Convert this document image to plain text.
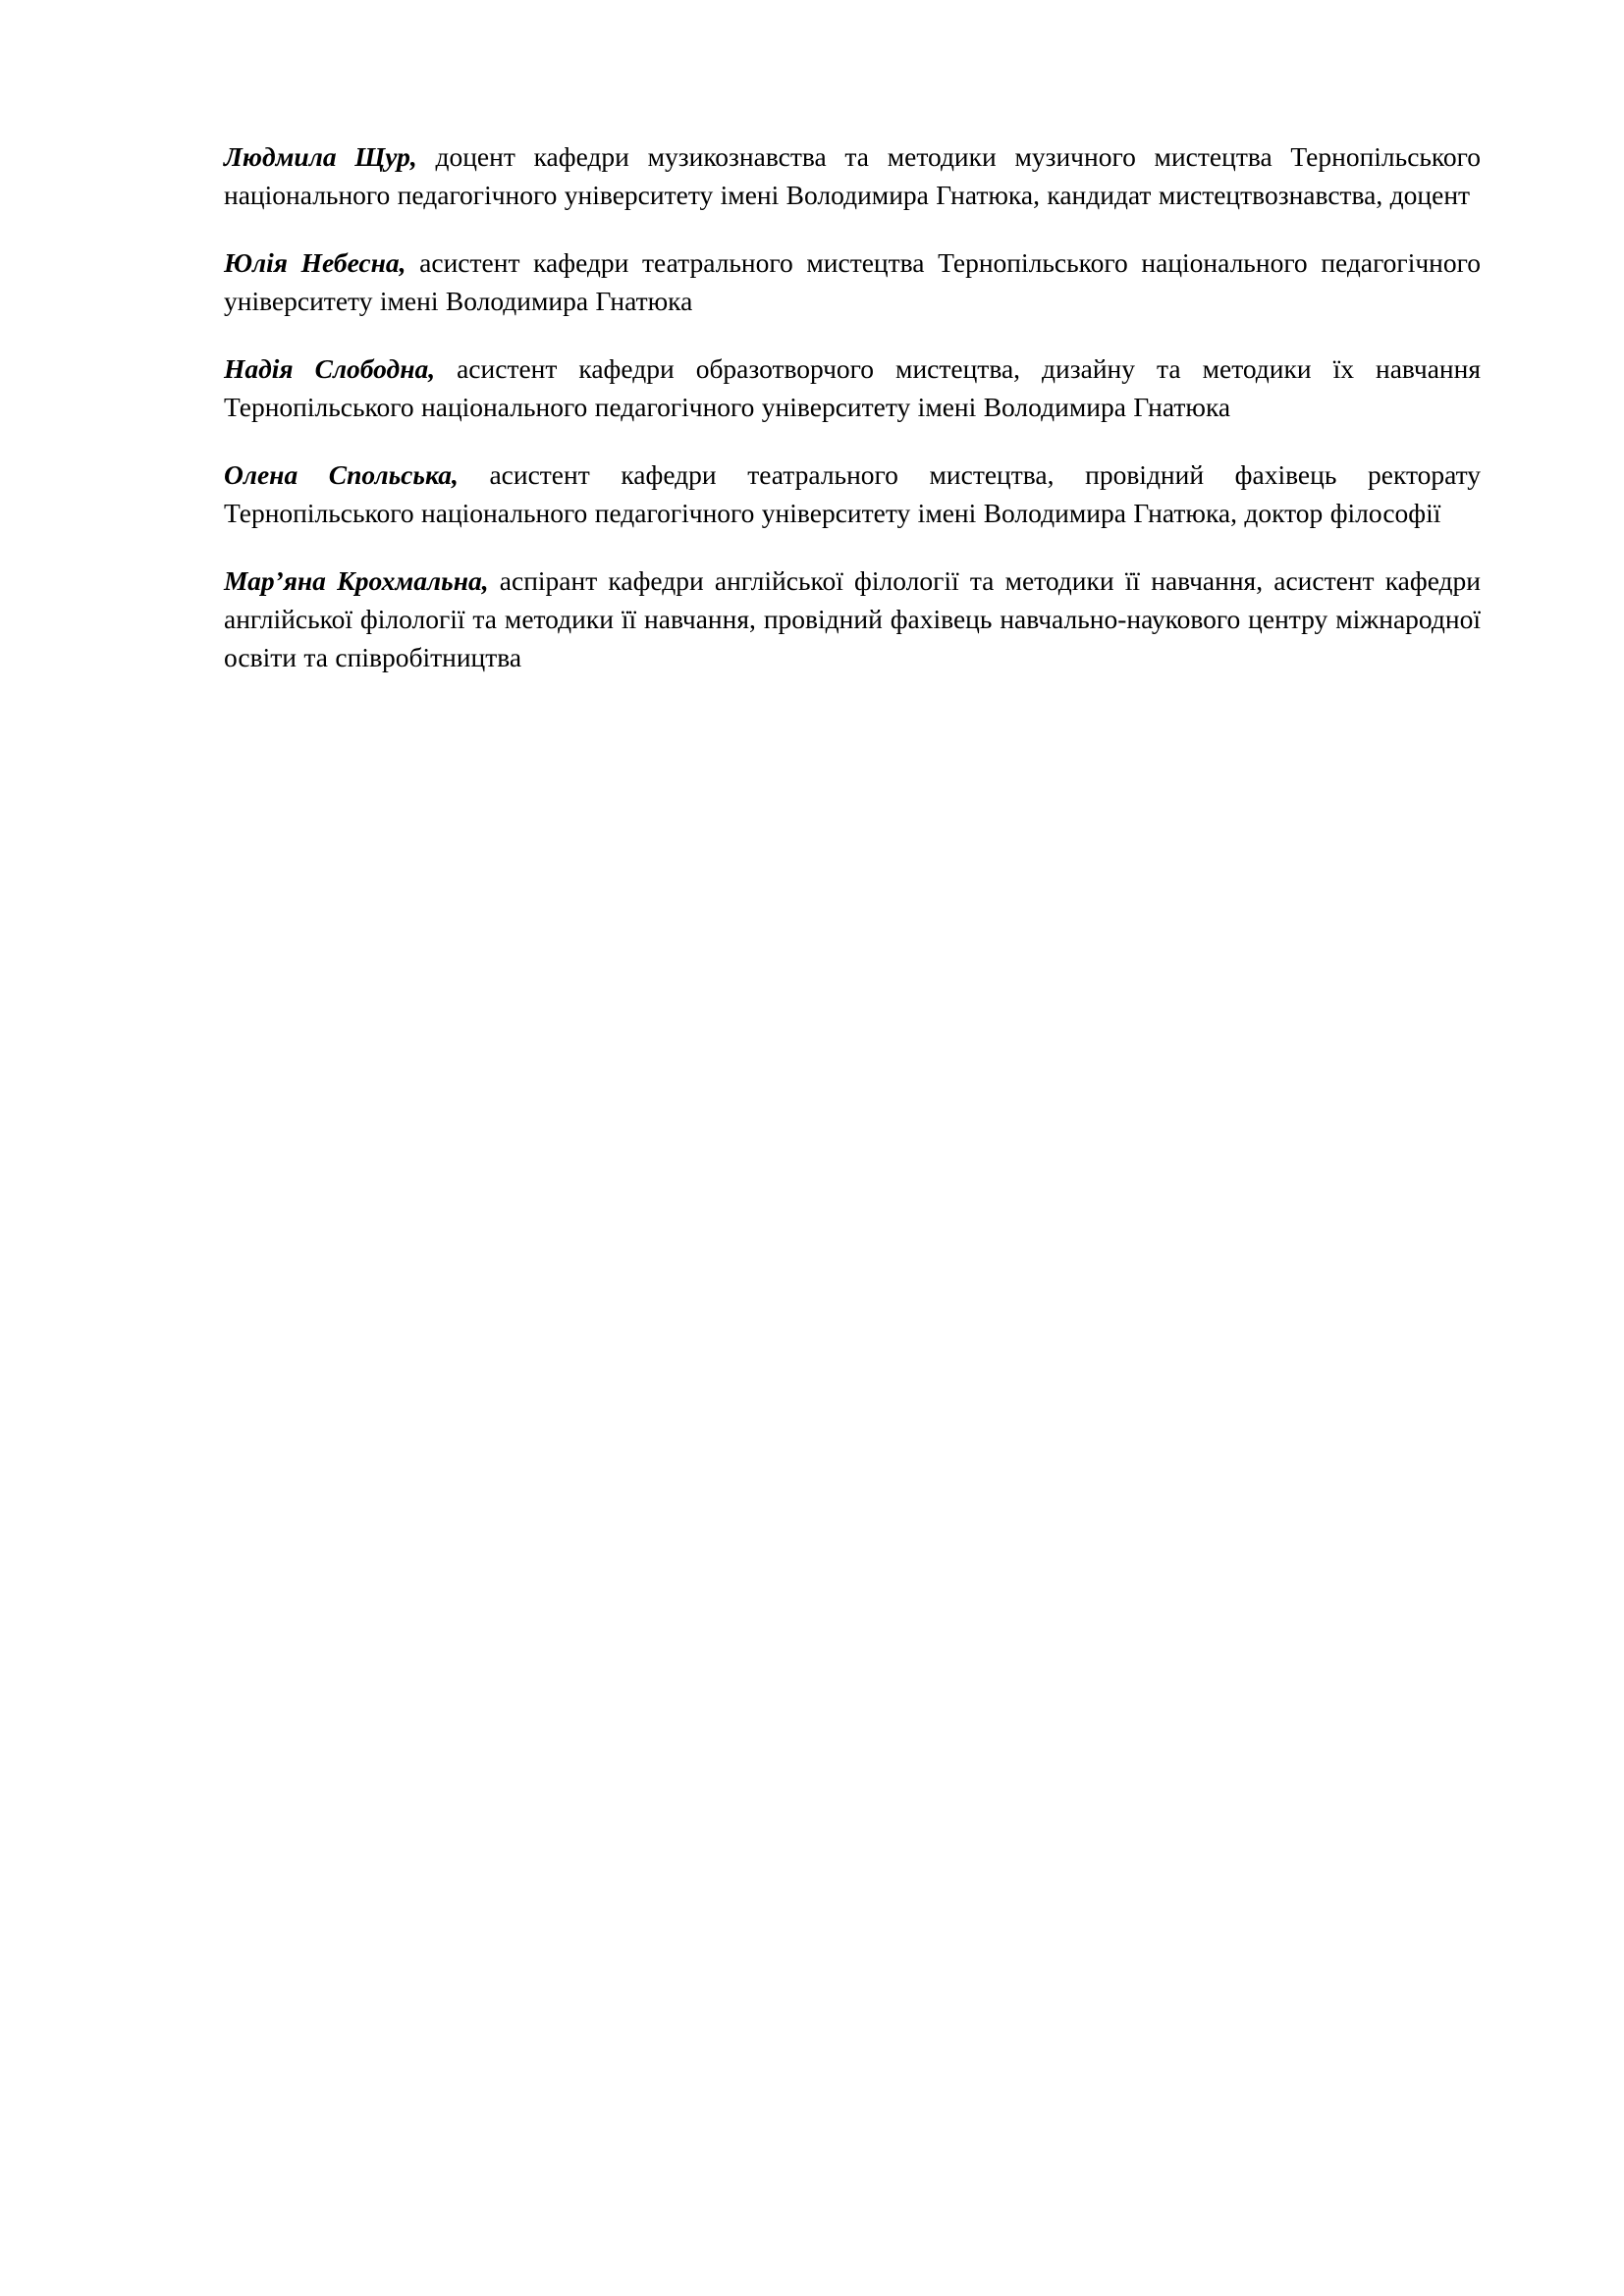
Людмила Щур, доцент кафедри музикознавства та методики музичного мистецтва Тернопільського національного педагогічного університету імені Володимира Гнатюка, кандидат мистецтвознавства, доцент

Юлія Небесна, асистент кафедри театрального мистецтва Тернопільського національного педагогічного університету імені Володимира Гнатюка

Надія Слободна, асистент кафедри образотворчого мистецтва, дизайну та методики їх навчання Тернопільського національного педагогічного університету імені Володимира Гнатюка

Олена Спольська, асистент кафедри театрального мистецтва, провідний фахівець ректорату Тернопільського національного педагогічного університету імені Володимира Гнатюка, доктор філософії

Мар’яна Крохмальна, аспірант кафедри англійської філології та методики її навчання, асистент кафедри англійської філології та методики її навчання, провідний фахівець навчально-наукового центру міжнародної освіти та співробітництва
